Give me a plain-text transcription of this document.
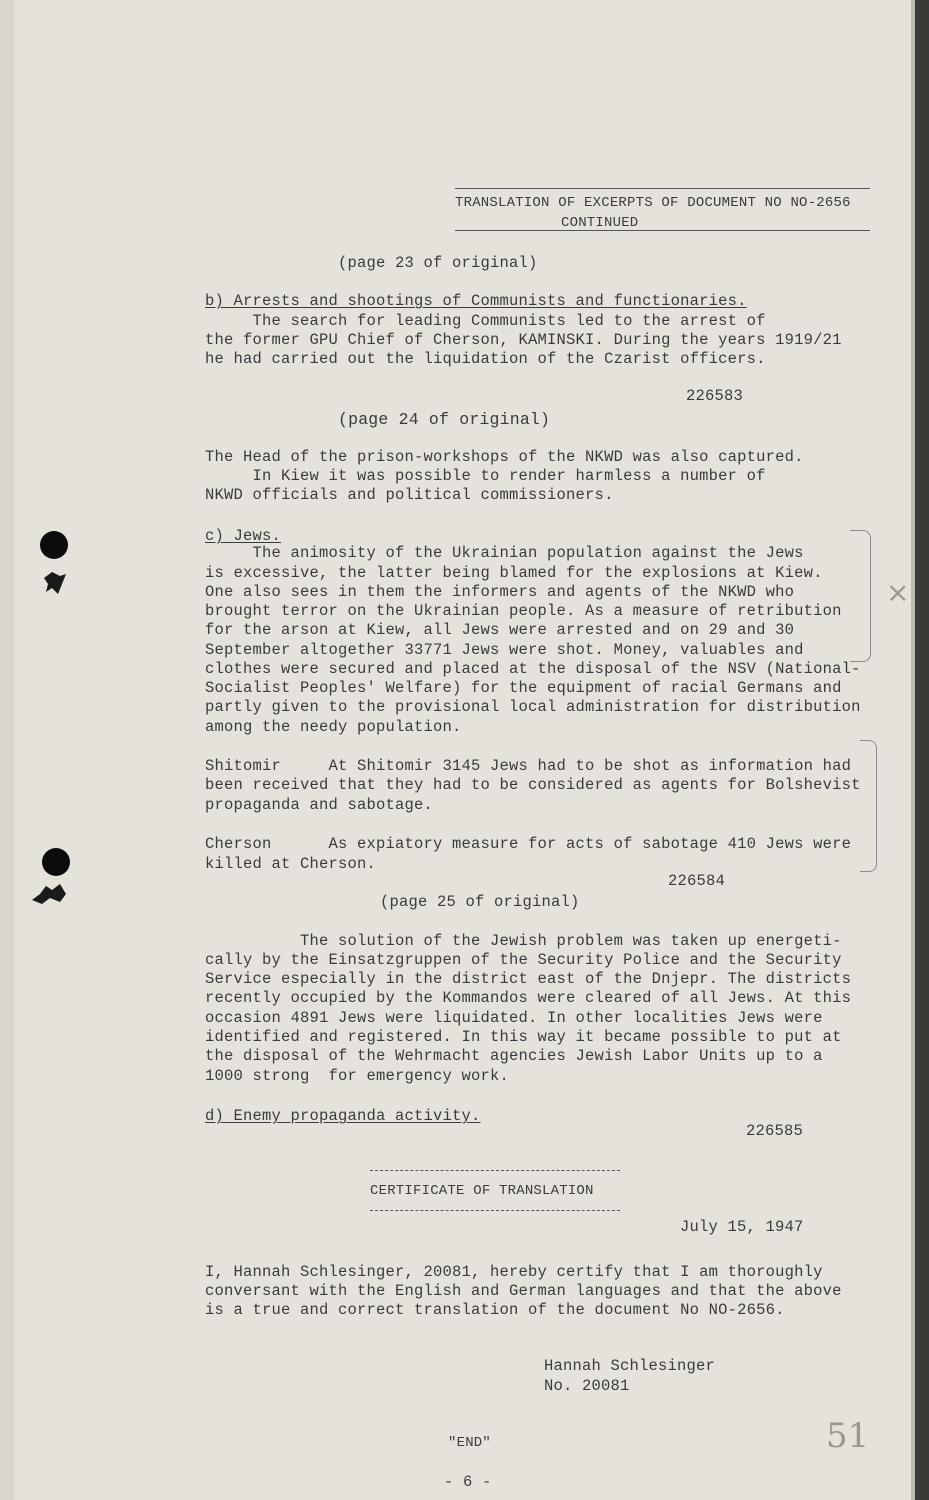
TRANSLATION OF EXCERPTS OF DOCUMENT NO NO-2656
CONTINUED
(page 23 of original)
b) Arrests and shootings of Communists and functionaries.
The search for leading Communists led to the arrest of
the former GPU Chief of Cherson, KAMINSKI. During the years 1919/21
he had carried out the liquidation of the Czarist officers.
226583
(page 24 of original)
The Head of the prison-workshops of the NKWD was also captured.
In Kiew it was possible to render harmless a number of
NKWD officials and political commissioners.
c) Jews.
The animosity of the Ukrainian population against the Jews
is excessive, the latter being blamed for the explosions at Kiew.
One also sees in them the informers and agents of the NKWD who
brought terror on the Ukrainian people. As a measure of retribution
for the arson at Kiew, all Jews were arrested and on 29 and 30
September altogether 33771 Jews were shot. Money, valuables and
clothes were secured and placed at the disposal of the NSV (National-
Socialist Peoples' Welfare) for the equipment of racial Germans and
partly given to the provisional local administration for distribution
among the needy population.
×
Shitomir     At Shitomir 3145 Jews had to be shot as information had
been received that they had to be considered as agents for Bolshevist
propaganda and sabotage.
Cherson      As expiatory measure for acts of sabotage 410 Jews were
killed at Cherson.
226584
(page 25 of original)
The solution of the Jewish problem was taken up energeti-
cally by the Einsatzgruppen of the Security Police and the Security
Service especially in the district east of the Dnjepr. The districts
recently occupied by the Kommandos were cleared of all Jews. At this
occasion 4891 Jews were liquidated. In other localities Jews were
identified and registered. In this way it became possible to put at
the disposal of the Wehrmacht agencies Jewish Labor Units up to a
1000 strong  for emergency work.
d) Enemy propaganda activity.
226585
CERTIFICATE OF TRANSLATION
July 15, 1947
I, Hannah Schlesinger, 20081, hereby certify that I am thoroughly
conversant with the English and German languages and that the above
is a true and correct translation of the document No NO-2656.
Hannah Schlesinger
No. 20081
"END"	51
- 6 -
